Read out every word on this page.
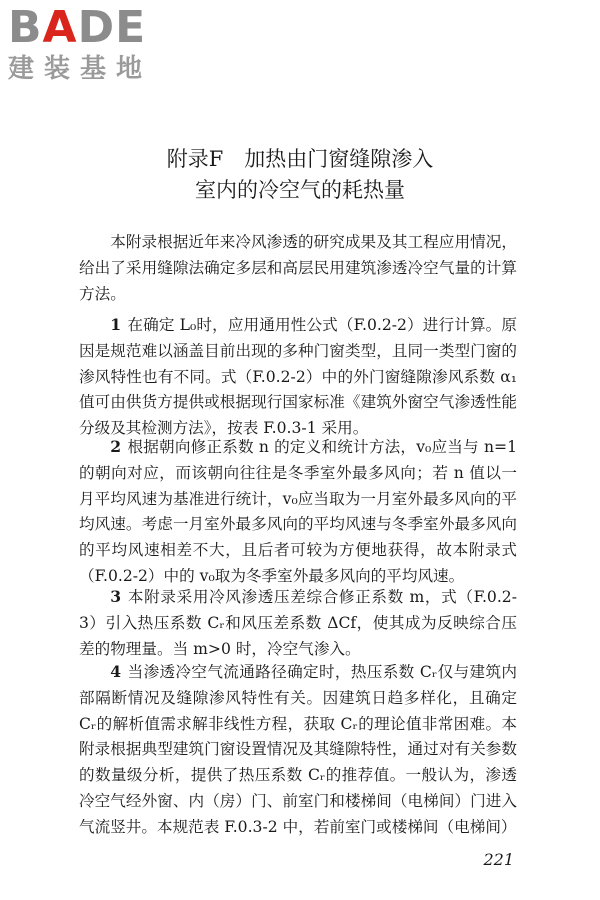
BADE
建装基地
附录F　加热由门窗缝隙渗入
室内的冷空气的耗热量

本附录根据近年来冷风渗透的研究成果及其工程应用情况，给出了采用缝隙法确定多层和高层民用建筑渗透冷空气量的计算方法。

1 在确定 L₀时，应用通用性公式（F.0.2-2）进行计算。原因是规范难以涵盖目前出现的多种门窗类型，且同一类型门窗的渗风特性也有不同。式（F.0.2-2）中的外门窗缝隙渗风系数 α₁值可由供货方提供或根据现行国家标准《建筑外窗空气渗透性能分级及其检测方法》，按表 F.0.3-1 采用。

2 根据朝向修正系数 n 的定义和统计方法，v₀应当与 n=1 的朝向对应，而该朝向往往是冬季室外最多风向；若 n 值以一月平均风速为基准进行统计，v₀应当取为一月室外最多风向的平均风速。考虑一月室外最多风向的平均风速与冬季室外最多风向的平均风速相差不大，且后者可较为方便地获得，故本附录式（F.0.2-2）中的 v₀取为冬季室外最多风向的平均风速。

3 本附录采用冷风渗透压差综合修正系数 m，式（F.0.2-3）引入热压系数 Cᵣ和风压差系数 ΔCf，使其成为反映综合压差的物理量。当 m>0 时，冷空气渗入。

4 当渗透冷空气流通路径确定时，热压系数 Cᵣ仅与建筑内部隔断情况及缝隙渗风特性有关。因建筑日趋多样化，且确定 Cᵣ的解析值需求解非线性方程，获取 Cᵣ的理论值非常困难。本附录根据典型建筑门窗设置情况及其缝隙特性，通过对有关参数的数量级分析，提供了热压系数 Cᵣ的推荐值。一般认为，渗透冷空气经外窗、内（房）门、前室门和楼梯间（电梯间）门进入气流竖井。本规范表 F.0.3-2 中，若前室门或楼梯间（电梯间）

221
